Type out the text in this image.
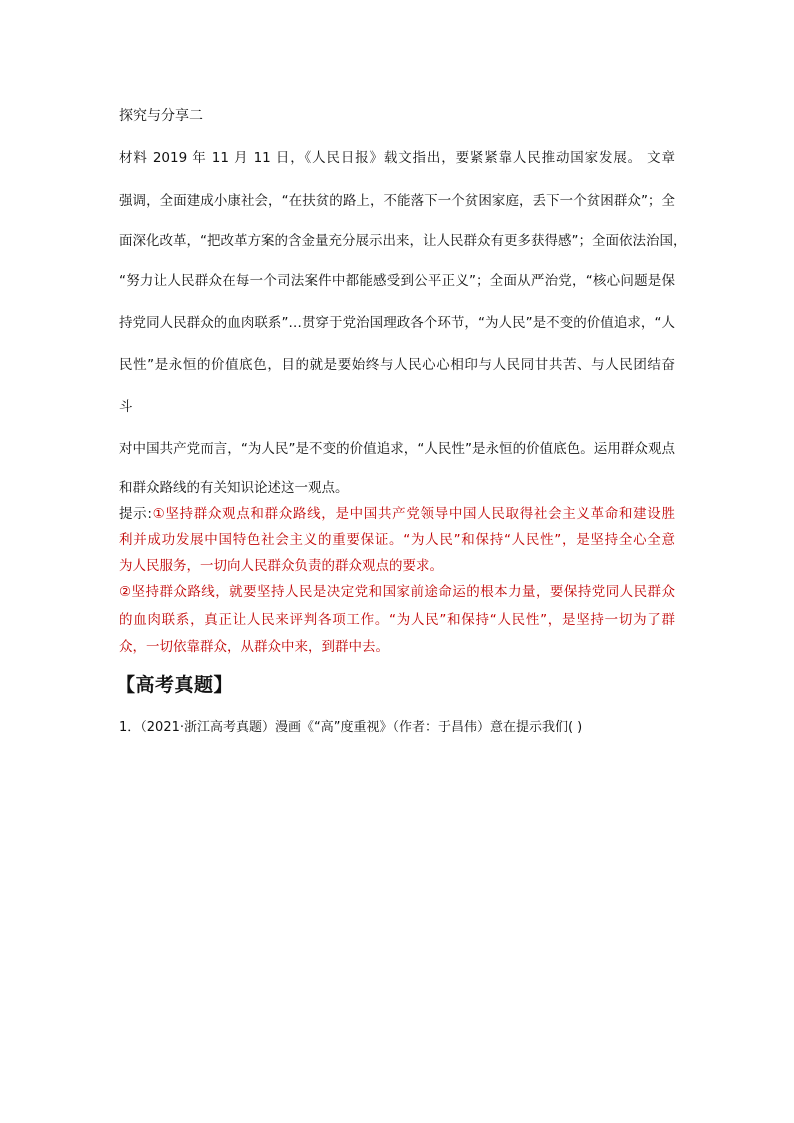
探究与分享二
材料 2019 年 11 月 11 日，《人民日报》载文指出，要紧紧靠人民推动国家发展。 文章
强调，全面建成小康社会，“在扶贫的路上，不能落下一个贫困家庭，丢下一个贫困群众”；全
面深化改革，“把改革方案的含金量充分展示出来，让人民群众有更多获得感”；全面依法治国，
“努力让人民群众在每一个司法案件中都能感受到公平正义”；全面从严治党，“核心问题是保
持党同人民群众的血肉联系”…贯穿于党治国理政各个环节，“为人民”是不变的价值追求，“人
民性”是永恒的价值底色，目的就是要始终与人民心心相印与人民同甘共苦、与人民团结奋
斗
对中国共产党而言，“为人民”是不变的价值追求，“人民性”是永恒的价值底色。运用群众观点
和群众路线的有关知识论述这一观点。
提示:①坚持群众观点和群众路线，是中国共产党领导中国人民取得社会主义革命和建设胜
利并成功发展中国特色社会主义的重要保证。“为人民”和保持“人民性”，是坚持全心全意
为人民服务，一切向人民群众负责的群众观点的要求。
②坚持群众路线，就要坚持人民是决定党和国家前途命运的根本力量，要保持党同人民群众
的血肉联系，真正让人民来评判各项工作。“为人民”和保持“人民性”，是坚持一切为了群
众，一切依靠群众，从群众中来，到群中去。
【高考真题】
1．（2021·浙江高考真题）漫画《“高”度重视》（作者：于昌伟）意在提示我们( )
